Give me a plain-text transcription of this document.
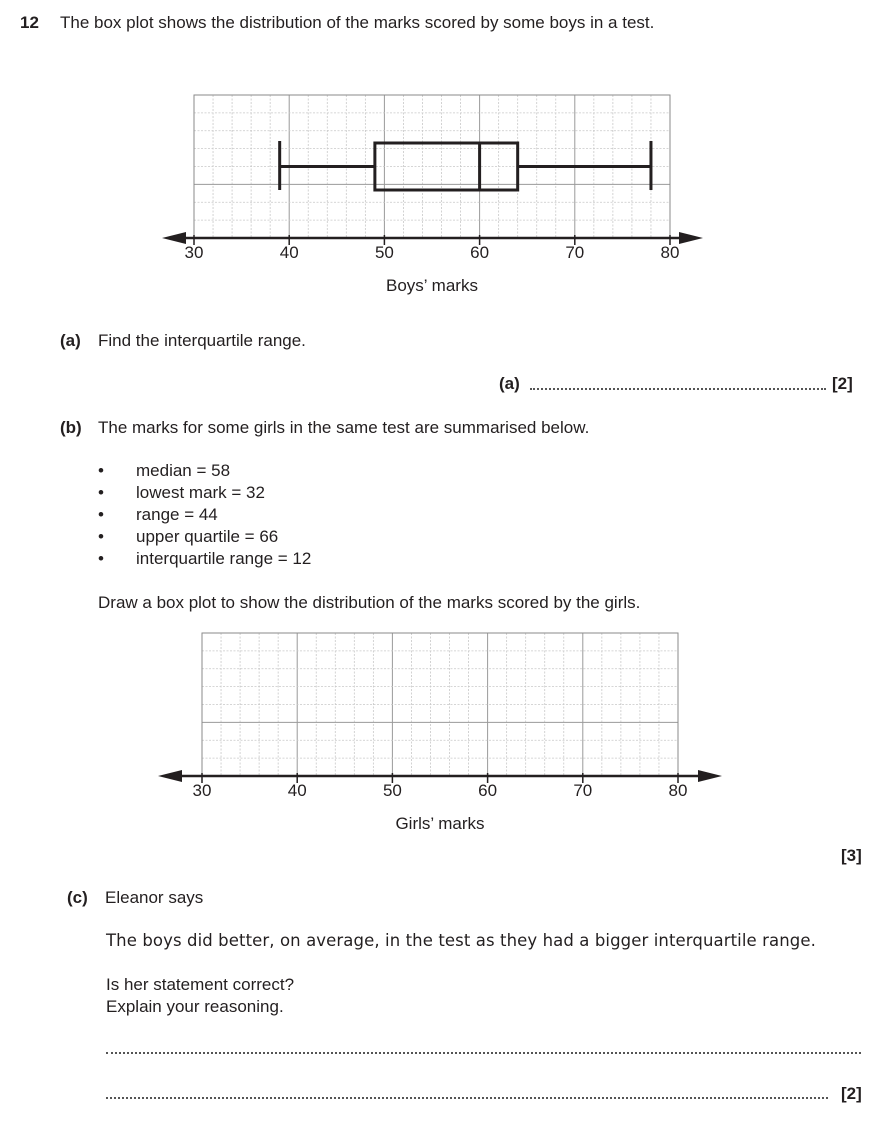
12 The box plot shows the distribution of the marks scored by some boys in a test.
30	40	50	60	70	80
Boys’ marks
(a) Find the interquartile range.
(a)	[2]
(b) The marks for some girls in the same test are summarised below.
• median = 58
• lowest mark = 32
• range = 44
• upper quartile = 66
• interquartile range = 12
Draw a box plot to show the distribution of the marks scored by the girls.
30	40	50	60	70	80
Girls’ marks
[3]
(c) Eleanor says
The boys did better, on average, in the test as they had a bigger interquartile range.
Is her statement correct?
Explain your reasoning.
[2]
